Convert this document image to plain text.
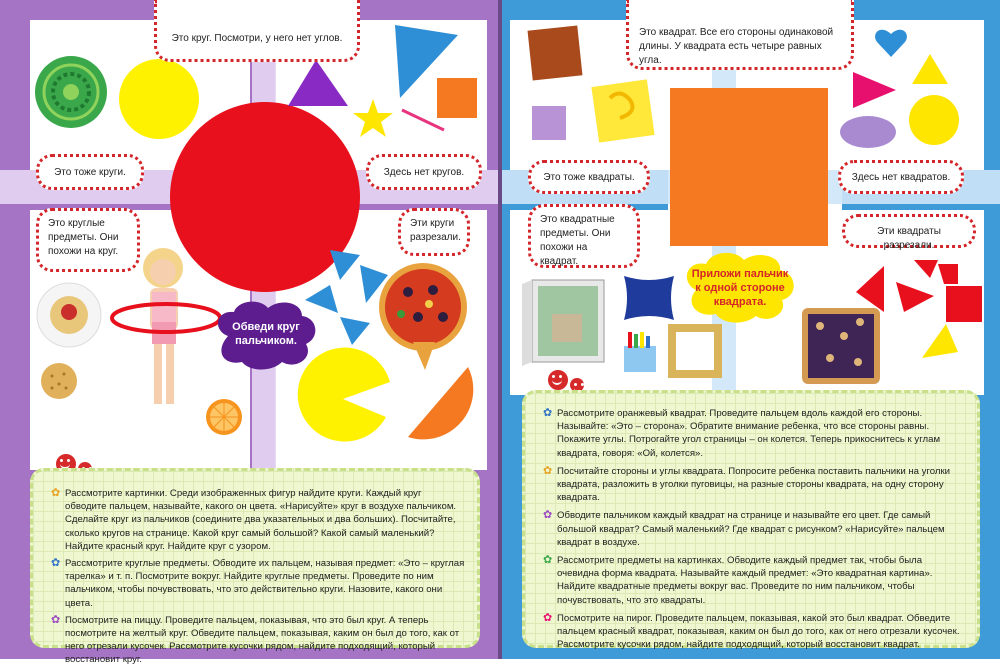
Это круг. Посмотри, у него нет углов.
Это тоже круги.	Здесь нет кругов.
Это круглые предметы. Они похожи на круг.
Эти круги разрезали.
Обведи круг пальчиком.

✿ Рассмотрите картинки. Среди изображенных фигур найдите круги. Каждый круг обводите пальцем, называйте, какого он цвета. «Нарисуйте» круг в воздухе пальчиком. Сделайте круг из пальчиков (соедините два указательных и два больших). Посчитайте, сколько кругов на странице. Какой круг самый большой? Какой самый маленький? Найдите красный круг. Найдите круг с узором.

✿ Рассмотрите круглые предметы. Обводите их пальцем, называя предмет: «Это – круглая тарелка» и т. п. Посмотрите вокруг. Найдите круглые предметы. Проведите по ним пальчиком, чтобы почувствовать, что это действительно круги. Назовите, какого они цвета.

✿ Посмотрите на пиццу. Проведите пальцем, показывая, что это был круг. А теперь посмотрите на желтый круг. Обведите пальцем, показывая, каким он был до того, как от него отрезали кусочек. Рассмотрите кусочки рядом, найдите подходящий, который восстановит круг.

Это квадрат. Все его стороны одинаковой длины. У квадрата есть четыре равных угла.
Это тоже квадраты.	Здесь нет квадратов.
Это квадратные предметы. Они похожи на квадрат.
Эти квадраты разрезали.
Приложи пальчик к одной стороне квадрата.

✿ Рассмотрите оранжевый квадрат. Проведите пальцем вдоль каждой его стороны. Называйте: «Это – сторона». Обратите внимание ребенка, что все стороны равны. Покажите углы. Потрогайте угол страницы – он колется. Теперь прикоснитесь к углам квадрата, говоря: «Ой, колется».

✿ Посчитайте стороны и углы квадрата. Попросите ребенка поставить пальчики на уголки квадрата, разложить в уголки пуговицы, на разные стороны квадрата, на одну сторону квадрата.

✿ Обводите пальчиком каждый квадрат на странице и называйте его цвет. Где самый большой квадрат? Самый маленький? Где квадрат с рисунком? «Нарисуйте» пальцем квадрат в воздухе.

✿ Рассмотрите предметы на картинках. Обводите каждый предмет так, чтобы была очевидна форма квадрата. Называйте каждый предмет: «Это квадратная картина». Найдите квадратные предметы вокруг вас. Проведите по ним пальчиком, чтобы почувствовать, что это квадраты.

✿ Посмотрите на пирог. Проведите пальцем, показывая, какой это был квадрат. Обведите пальцем красный квадрат, показывая, каким он был до того, как от него отрезали кусочек. Рассмотрите кусочки рядом, найдите подходящий, который восстановит квадрат.
